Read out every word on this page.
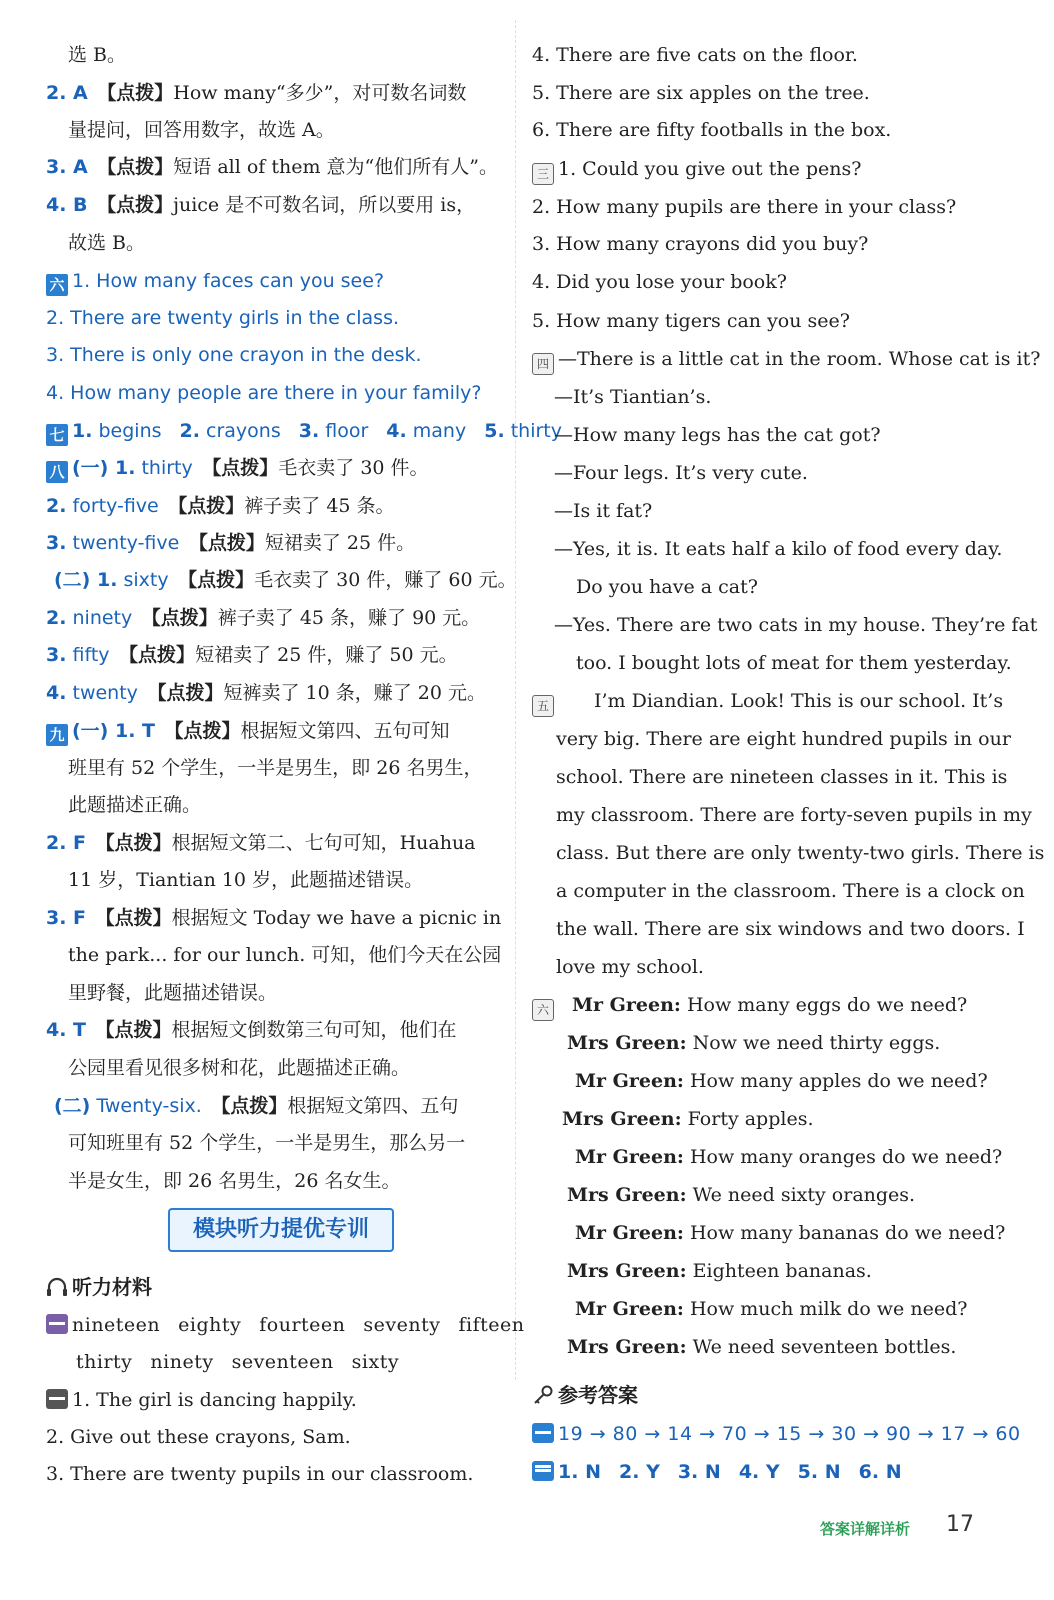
选 B。
2. A　 【点拨】How many“多少”，对可数名词数
量提问，回答用数字，故选 A。
3. A　 【点拨】短语 all of them 意为“他们所有人”。
4. B　 【点拨】juice 是不可数名词，所以要用 is，
故选 B。
六 1. How many faces can you see?
2. There are twenty girls in the class.
3. There is only one crayon in the desk.
4. How many people are there in your family?
七 1. begins 2. crayons 3. floor 4. many 5. thirty
八 (一) 1. thirty　 【点拨】毛衣卖了 30 件。
2. forty-five　 【点拨】裤子卖了 45 条。
3. twenty-five　 【点拨】短裙卖了 25 件。
(二) 1. sixty　 【点拨】毛衣卖了 30 件，赚了 60 元。
2. ninety　 【点拨】裤子卖了 45 条，赚了 90 元。
3. fifty　 【点拨】短裙卖了 25 件，赚了 50 元。
4. twenty　 【点拨】短裤卖了 10 条，赚了 20 元。
九 (一) 1. T　 【点拨】根据短文第四、五句可知
班里有 52 个学生，一半是男生，即 26 名男生，
此题描述正确。
2. F　 【点拨】根据短文第二、七句可知，Huahua
11 岁，Tiantian 10 岁，此题描述错误。
3. F　 【点拨】根据短文 Today we have a picnic in
the park... for our lunch. 可知，他们今天在公园
里野餐，此题描述错误。
4. T　 【点拨】根据短文倒数第三句可知，他们在
公园里看见很多树和花，此题描述正确。
(二) Twenty-six.　 【点拨】根据短文第四、五句
可知班里有 52 个学生，一半是男生，那么另一
半是女生，即 26 名男生，26 名女生。
模块听力提优专训
听力材料
nineteen eighty fourteen seventy fifteen
thirty ninety seventeen sixty
1. The girl is dancing happily.
2. Give out these crayons, Sam.
3. There are twenty pupils in our classroom.
4. There are five cats on the floor.
5. There are six apples on the tree.
6. There are fifty footballs in the box.
三 1. Could you give out the pens?
2. How many pupils are there in your class?
3. How many crayons did you buy?
4. Did you lose your book?
5. How many tigers can you see?
四 —There is a little cat in the room. Whose cat is it?
—It’s Tiantian’s.
—How many legs has the cat got?
—Four legs. It’s very cute.
—Is it fat?
—Yes, it is. It eats half a kilo of food every day.
Do you have a cat?
—Yes. There are two cats in my house. They’re fat
too. I bought lots of meat for them yesterday.
五 I’m Diandian. Look! This is our school. It’s
very big. There are eight hundred pupils in our
school. There are nineteen classes in it. This is
my classroom. There are forty-seven pupils in my
class. But there are only twenty-two girls. There is
a computer in the classroom. There is a clock on
the wall. There are six windows and two doors. I
love my school.
六 Mr Green: How many eggs do we need?
Mrs Green: Now we need thirty eggs.
Mr Green: How many apples do we need?
Mrs Green: Forty apples.
Mr Green: How many oranges do we need?
Mrs Green: We need sixty oranges.
Mr Green: How many bananas do we need?
Mrs Green: Eighteen bananas.
Mr Green: How much milk do we need?
Mrs Green: We need seventeen bottles.
参考答案
19 → 80 → 14 → 70 → 15 → 30 → 90 → 17 → 60
1. N 2. Y 3. N 4. Y 5. N 6. N
答案详解详析 17
